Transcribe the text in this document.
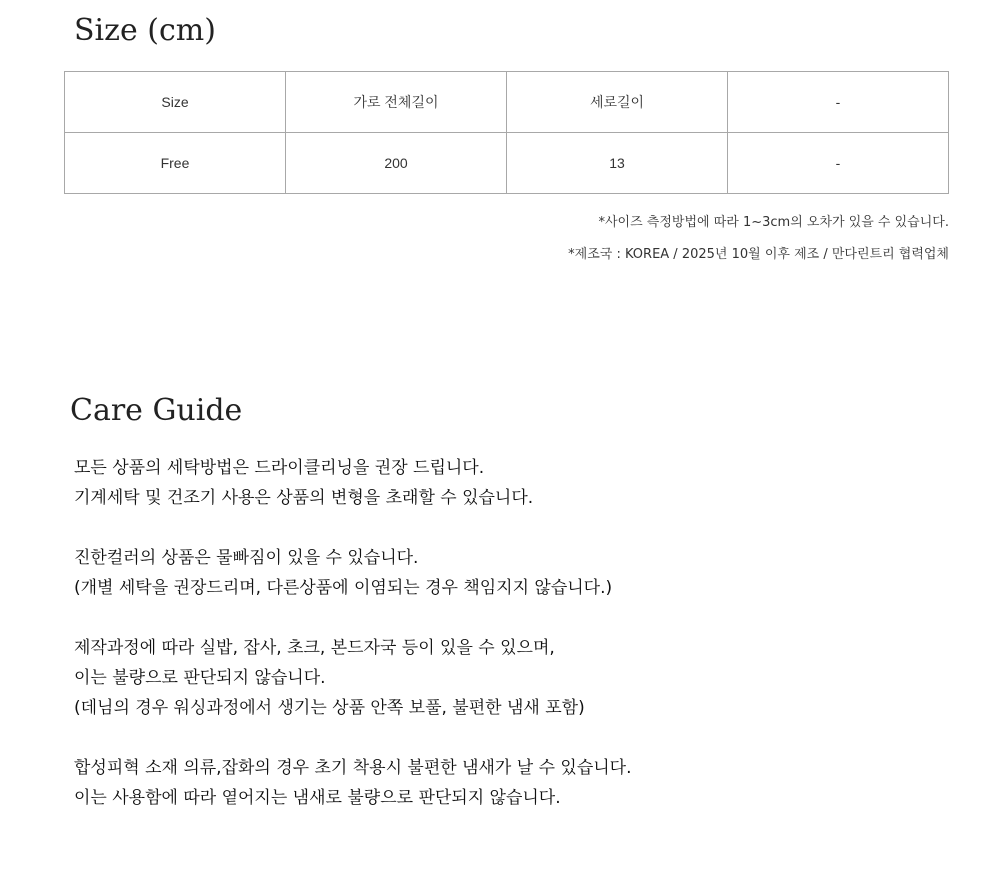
Size (cm)
Size	가로 전체길이	세로길이	-
Free	200	13	-
*사이즈 측정방법에 따라 1~3cm의 오차가 있을 수 있습니다.
*제조국 : KOREA / 2025년 10월 이후 제조 / 만다린트리 협력업체
Care Guide

모든 상품의 세탁방법은 드라이클리닝을 권장 드립니다.
기계세탁 및 건조기 사용은 상품의 변형을 초래할 수 있습니다.

진한컬러의 상품은 물빠짐이 있을 수 있습니다.
(개별 세탁을 권장드리며, 다른상품에 이염되는 경우 책임지지 않습니다.)

제작과정에 따라 실밥, 잡사, 초크, 본드자국 등이 있을 수 있으며,
이는 불량으로 판단되지 않습니다.
(데님의 경우 워싱과정에서 생기는 상품 안쪽 보풀, 불편한 냄새 포함)

합성피혁 소재 의류,잡화의 경우 초기 착용시 불편한 냄새가 날 수 있습니다.
이는 사용함에 따라 옅어지는 냄새로 불량으로 판단되지 않습니다.
